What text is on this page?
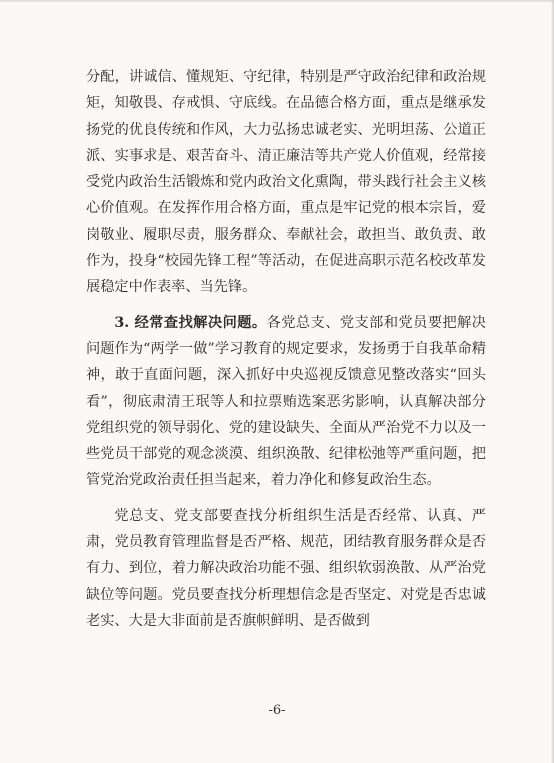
分配，讲诚信、懂规矩、守纪律，特别是严守政治纪律和政治规矩，知敬畏、存戒惧、守底线。在品德合格方面，重点是继承发扬党的优良传统和作风，大力弘扬忠诚老实、光明坦荡、公道正派、实事求是、艰苦奋斗、清正廉洁等共产党人价值观，经常接受党内政治生活锻炼和党内政治文化熏陶，带头践行社会主义核心价值观。在发挥作用合格方面，重点是牢记党的根本宗旨，爱岗敬业、履职尽责，服务群众、奉献社会，敢担当、敢负责、敢作为，投身“校园先锋工程”等活动，在促进高职示范名校改革发展稳定中作表率、当先锋。

3. 经常查找解决问题。各党总支、党支部和党员要把解决问题作为“两学一做”学习教育的规定要求，发扬勇于自我革命精神，敢于直面问题，深入抓好中央巡视反馈意见整改落实“回头看”，彻底肃清王珉等人和拉票贿选案恶劣影响，认真解决部分党组织党的领导弱化、党的建设缺失、全面从严治党不力以及一些党员干部党的观念淡漠、组织涣散、纪律松弛等严重问题，把管党治党政治责任担当起来，着力净化和修复政治生态。

党总支、党支部要查找分析组织生活是否经常、认真、严肃，党员教育管理监督是否严格、规范，团结教育服务群众是否有力、到位，着力解决政治功能不强、组织软弱涣散、从严治党缺位等问题。党员要查找分析理想信念是否坚定、对党是否忠诚老实、大是大非面前是否旗帜鲜明、是否做到

-6-
